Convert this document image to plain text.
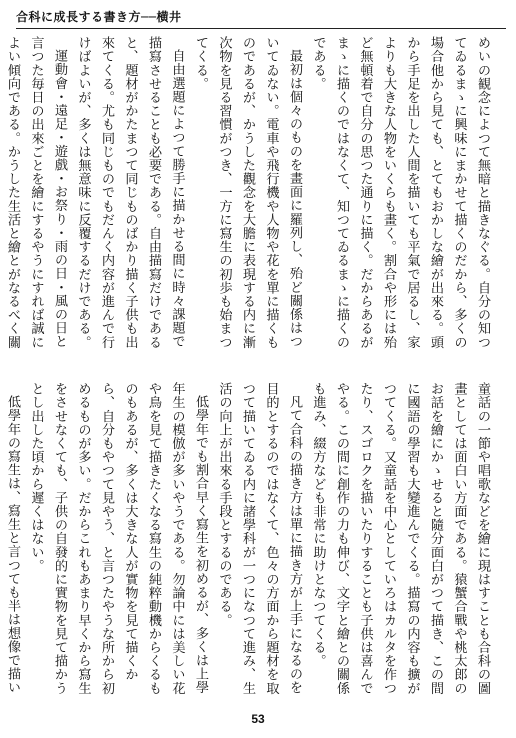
合科に成長する書き方──横井

めいの観念によつて無暗と描きなぐる。自分の知つてゐるまゝに興味にまかせて描くのだから、多くの場合他から見ても、とてもおかしな繪が出來る。頭から手足を出した人間を描いても平氣で居るし、家よりも大きな人物をいくらも畫く。割合や形には殆ど無頓着で自分の思つた通りに描く。だからあるがまゝに描くのではなくて、知つてゐるまゝに描くのである。

最初は個々のものを畫面に羅列し、殆ど關係はついてゐない。電車や飛行機や人物や花を單に描くものであるが、かうした觀念を大膽に表現する内に漸次物を見る習慣がつき、一方に寫生の初歩も始まつてくる。

自由選題によつて勝手に描かせる間に時々課題で描寫させることも必要である。自由描寫だけであると、題材がかたまつて同じものばかり描く子供も出來てくる。尤も同じものでもだんく内容が進んで行けばよいが、多くは無意味に反覆するだけである。

運動會・遠足・遊戲・お祭り・雨の日・風の日と言つた毎日の出來ごとを繪にするやうにすれば誠によい傾向である。かうした生活と繪とがなるべく關

童話の一節や唱歌などを繪に現はすことも合科の圖畫としては面白い方面である。猿蟹合戰や桃太郎のお話を繪にかゝせると隨分面白がつて描き、この間に國語の學習も大變進んでくる。描寫の内容も擴がつてくる。又童話を中心としていろはカルタを作つたり、スゴロクを描いたりすることも子供は喜んでやる。この間に創作の力も伸び、文字と繪との關係も進み、綴方なども非常に助けとなつてくる。

凡て合科の描き方は單に描き方が上手になるのを目的とするのではなくて、色々の方面から題材を取つて描いてゐる内に諸學科が一つになつて進み、生活の向上が出來る手段とするのである。

低學年でも割合早く寫生を初めるが、多くは上學年生の模倣が多いやうである。勿論中には美しい花や鳥を見て描きたくなる寫生の純粹動機からくるものもあるが、多くは大きな人が實物を見て描くから、自分もやつて見やう、と言つたやうな所から初めるものが多い。だからこれもあまり早くから寫生をさせなくても、子供の自發的に實物を見て描かうとし出した頃から遲くはない。

低學年の寫生は、寫生と言つても半は想像で描い

53
